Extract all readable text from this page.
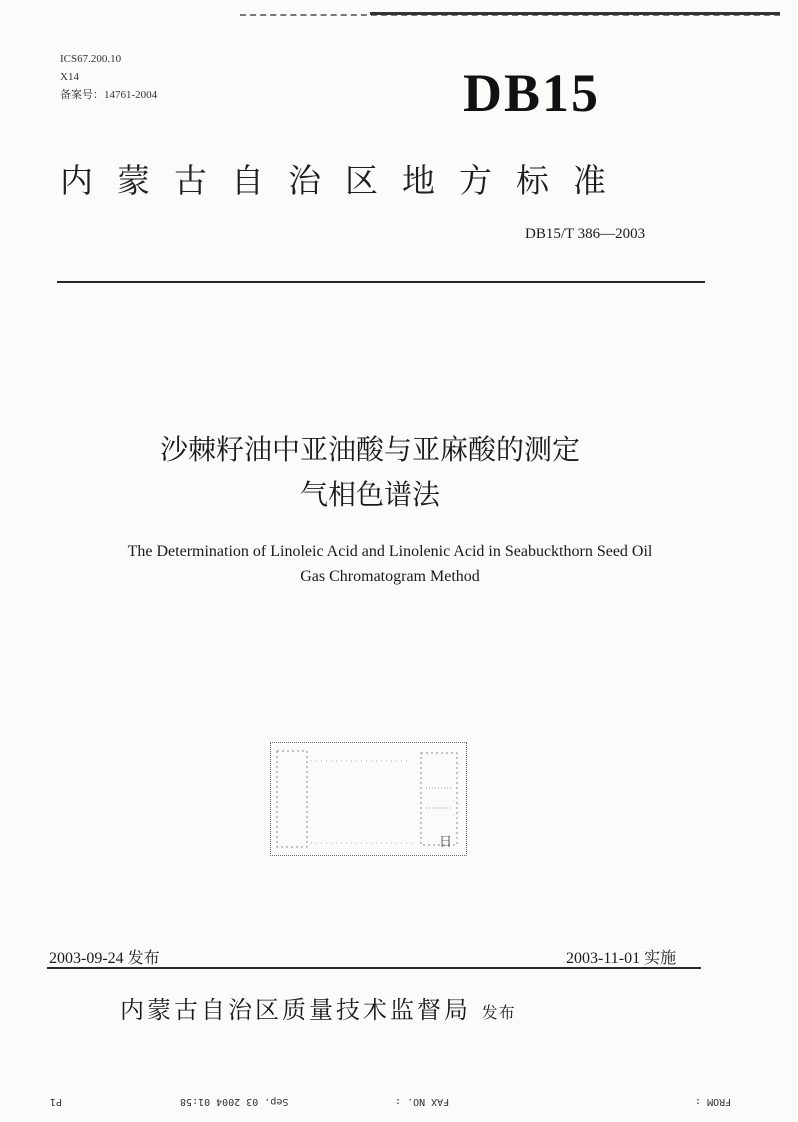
ICS67.200.10
X14
备案号：14761-2004	DB15
内蒙古自治区地方标准
DB15/T 386—2003
沙棘籽油中亚油酸与亚麻酸的测定
气相色谱法
The Determination of Linoleic Acid and Linolenic Acid in Seabuckthorn Seed Oil
Gas Chromatogram Method
日
2003-09-24 发布	2003-11-01 实施
内蒙古自治区质量技术监督局 发布
FROM :
FAX NO. :
Sep. 03 2004 01:58
P1
